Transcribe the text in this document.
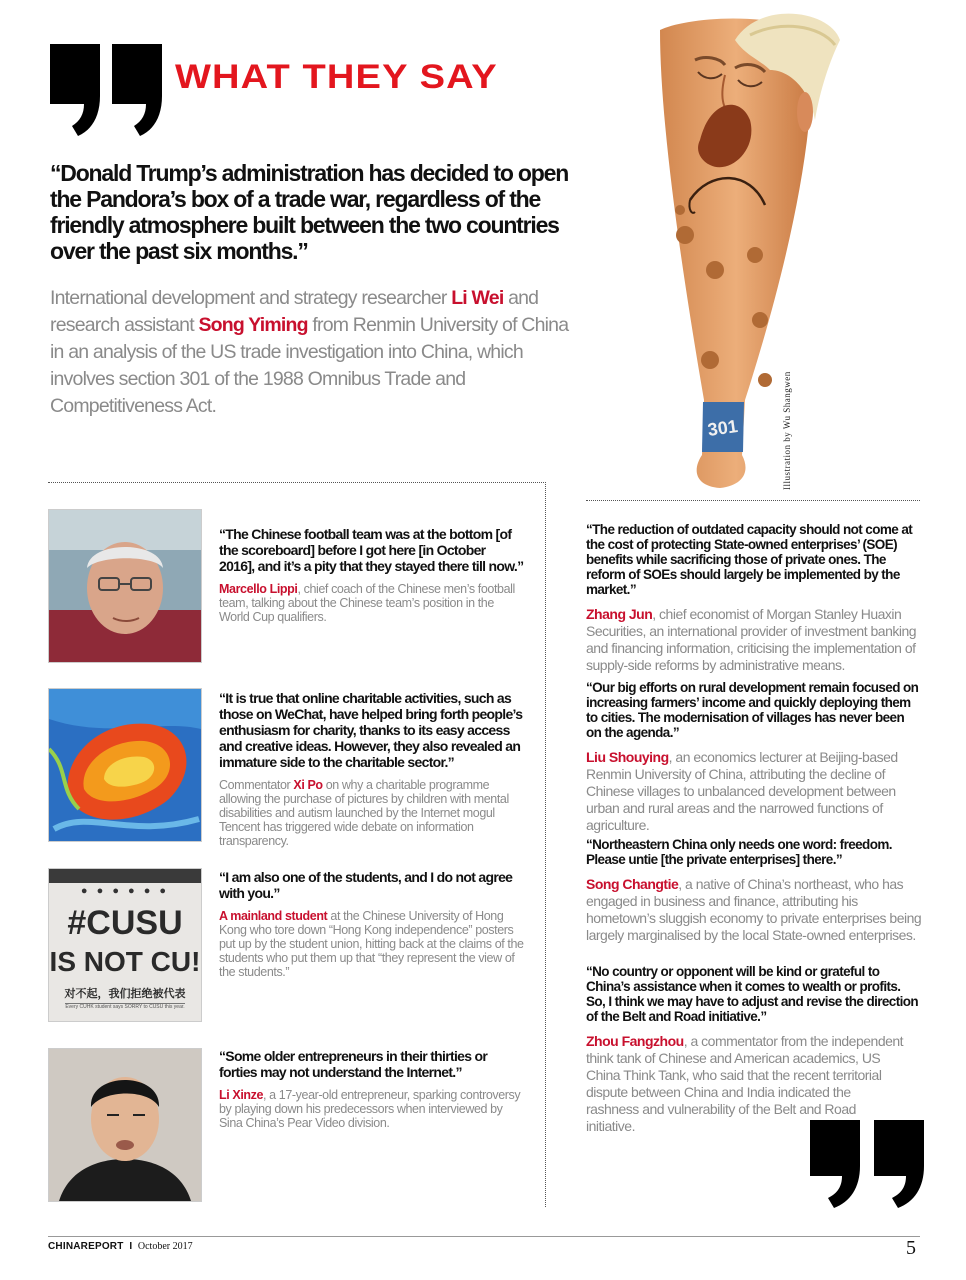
WHAT THEY SAY
“Donald Trump’s administration has decided to open the Pandora’s box of a trade war, regardless of the friendly atmosphere built between the two countries over the past six months.”
International development and strategy researcher Li Wei and research assistant Song Yiming from Renmin University of China in an analysis of the US trade investigation into China, which involves section 301 of the 1988 Omnibus Trade and Competitiveness Act.
301	Illustration by Wu Shangwen
“The Chinese football team was at the bottom [of the scoreboard] before I got here [in October 2016], and it’s a pity that they stayed there till now.”
Marcello Lippi, chief coach of the Chinese men’s football team, talking about the Chinese team’s position in the World Cup qualifiers.
“It is true that online charitable activities, such as those on WeChat, have helped bring forth people’s enthusiasm for charity, thanks to its easy access and creative ideas. However, they also revealed an immature side to the charitable sector.”
Commentator Xi Po on why a charitable programme allowing the purchase of pictures by children with mental disabilities and autism launched by the Internet mogul Tencent has triggered wide debate on information transparency.
● ● ● ● ● ●
#CUSU
IS NOT CU!
对不起，我们拒绝被代表
Every CUHK student says SORRY to CUSU this year.
“I am also one of the students, and I do not agree with you.”
A mainland student at the Chinese University of Hong Kong who tore down “Hong Kong independence” posters put up by the student union, hitting back at the claims of the students who put them up that “they represent the view of the students.”
“Some older entrepreneurs in their thirties or forties may not understand the Internet.”
Li Xinze, a 17-year-old entrepreneur, sparking controversy by playing down his predecessors when interviewed by Sina China’s Pear Video division.
“The reduction of outdated capacity should not come at the cost of protecting State-owned enterprises’ (SOE) benefits while sacrificing those of private ones. The reform of SOEs should largely be implemented by the market.”
Zhang Jun, chief economist of Morgan Stanley Huaxin Securities, an international provider of investment banking and financing information, criticising the implementation of supply-side reforms by administrative means.
“Our big efforts on rural development remain focused on increasing farmers’ income and quickly deploying them to cities. The modernisation of villages has never been on the agenda.”
Liu Shouying, an economics lecturer at Beijing-based Renmin University of China, attributing the decline of Chinese villages to unbalanced development between urban and rural areas and the narrowed functions of agriculture.
“Northeastern China only needs one word: freedom. Please untie [the private enterprises] there.”
Song Changtie, a native of China’s northeast, who has engaged in business and finance, attributing his hometown’s sluggish economy to private enterprises being largely marginalised by the local State-owned enterprises.
“No country or opponent will be kind or grateful to China’s assistance when it comes to wealth or profits. So, I think we may have to adjust and revise the direction of the Belt and Road initiative.”
Zhou Fangzhou, a commentator from the independent think tank of Chinese and American academics, US China Think Tank, who said that the recent territorial dispute between China and India indicated the rashness and vulnerability of the Belt and Road initiative.
CHINAREPORT I October 2017	5
